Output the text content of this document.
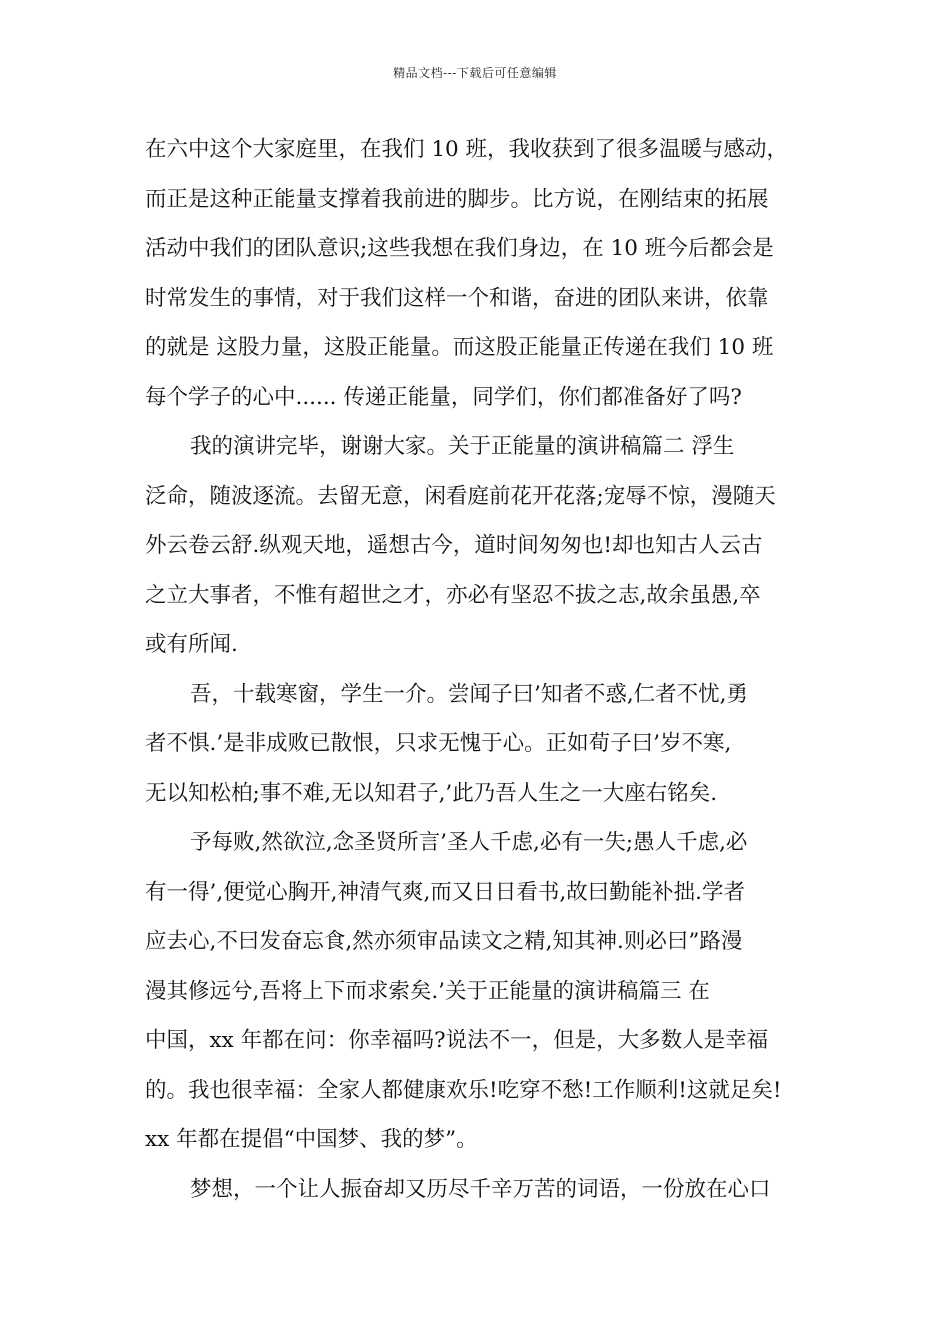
精品文档---下载后可任意编辑
在六中这个大家庭里，在我们 10 班，我收获到了很多温暖与感动，
而正是这种正能量支撑着我前进的脚步。比方说，在刚结束的拓展
活动中我们的团队意识;这些我想在我们身边，在 10 班今后都会是
时常发生的事情，对于我们这样一个和谐，奋进的团队来讲，依靠
的就是 这股力量，这股正能量。而这股正能量正传递在我们 10 班
每个学子的心中...... 传递正能量，同学们，你们都准备好了吗?
我的演讲完毕，谢谢大家。关于正能量的演讲稿篇二 浮生
泛命，随波逐流。去留无意，闲看庭前花开花落;宠辱不惊，漫随天
外云卷云舒.纵观天地，遥想古今，道时间匆匆也!却也知古人云古
之立大事者，不惟有超世之才，亦必有坚忍不拔之志,故余虽愚,卒
或有所闻.
吾，十载寒窗，学生一介。尝闻子曰’知者不惑,仁者不忧,勇
者不惧.’是非成败已散恨，只求无愧于心。正如荀子曰’岁不寒,
无以知松柏;事不难,无以知君子,’此乃吾人生之一大座右铭矣.
予每败,然欲泣,念圣贤所言’圣人千虑,必有一失;愚人千虑,必
有一得’,便觉心胸开,神清气爽,而又日日看书,故曰勤能补拙.学者
应去心,不曰发奋忘食,然亦须审品读文之精,知其神.则必曰”路漫
漫其修远兮,吾将上下而求索矣.’关于正能量的演讲稿篇三 在
中国，xx 年都在问：你幸福吗?说法不一，但是，大多数人是幸福
的。我也很幸福：全家人都健康欢乐!吃穿不愁!工作顺利!这就足矣!
xx 年都在提倡“中国梦、我的梦”。
梦想，一个让人振奋却又历尽千辛万苦的词语，一份放在心口
